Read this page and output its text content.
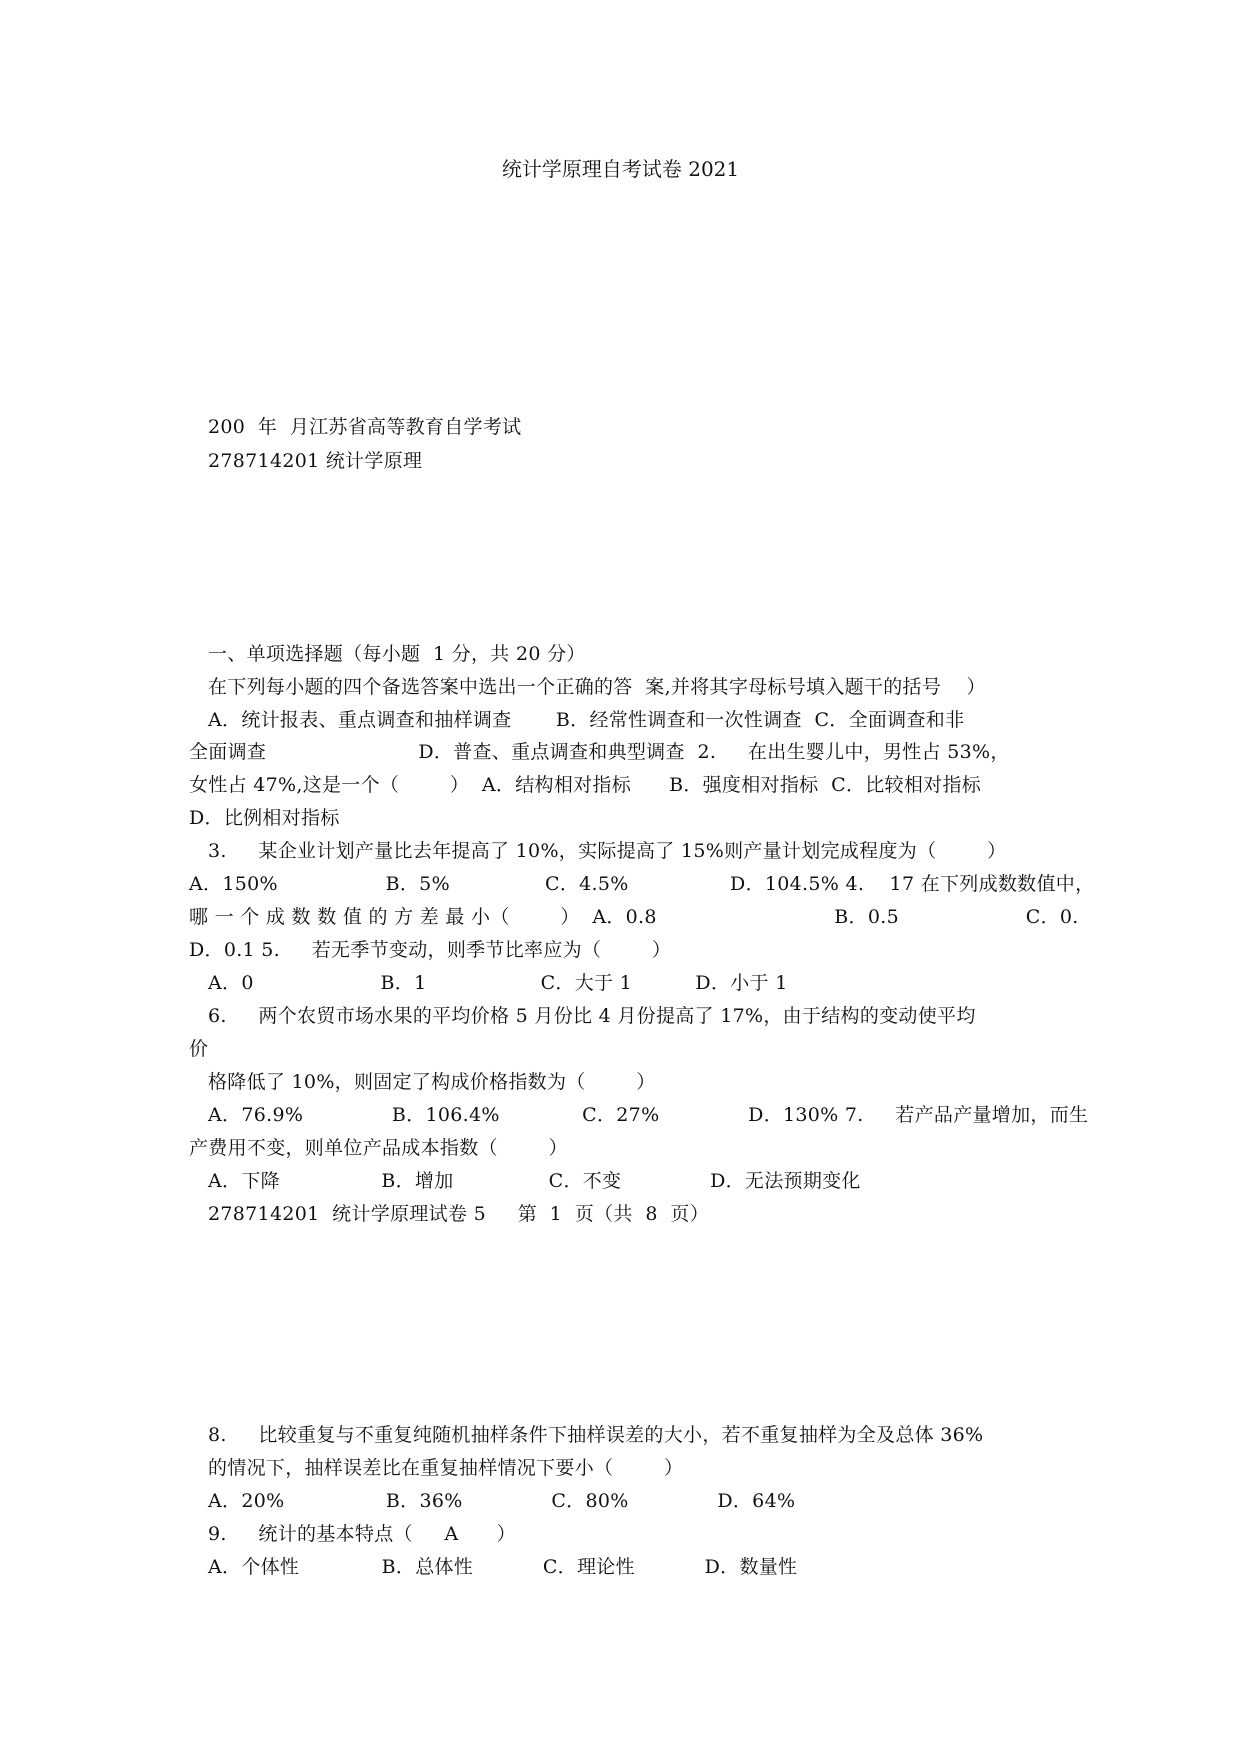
统计学原理自考试卷 2021
200  年  月江苏省高等教育自学考试
278714201 统计学原理
一、单项选择题（每小题  1 分，共 20 分）
在下列每小题的四个备选答案中选出一个正确的答  案,并将其字母标号填入题干的括号    ）
A．统计报表、重点调查和抽样调查       B．经常性调查和一次性调查  C．全面调查和非
全面调查                        D．普查、重点调查和典型调查  2.     在出生婴儿中，男性占 53%，
女性占 47%,这是一个（        ）  A．结构相对指标      B．强度相对指标  C．比较相对指标
D．比例相对指标
3.     某企业计划产量比去年提高了 10%，实际提高了 15%则产量计划完成程度为（        ）
A．150%                 B．5%               C．4.5%                D．104.5% 4.    17 在下列成数数值中，
哪 一 个 成 数 数 值 的 方 差 最 小（        ）  A．0.8                            B．0.5                    C．0.
D．0.1 5.     若无季节变动，则季节比率应为（        ）
A．0                    B．1                  C．大于 1          D．小于 1
6.     两个农贸市场水果的平均价格 5 月份比 4 月份提高了 17%，由于结构的变动使平均
价
格降低了 10%，则固定了构成价格指数为（        ）
A．76.9%              B．106.4%             C．27%              D．130% 7.     若产品产量增加，而生
产费用不变，则单位产品成本指数（        ）
A．下降                B．增加               C．不变              D．无法预期变化
278714201  统计学原理试卷 5     第  1  页（共  8  页）
8.     比较重复与不重复纯随机抽样条件下抽样误差的大小，若不重复抽样为全及总体 36%
的情况下，抽样误差比在重复抽样情况下要小（        ）
A．20%                B．36%              C．80%              D．64%
9.     统计的基本特点（     A      ）
A．个体性             B．总体性           C．理论性           D．数量性
